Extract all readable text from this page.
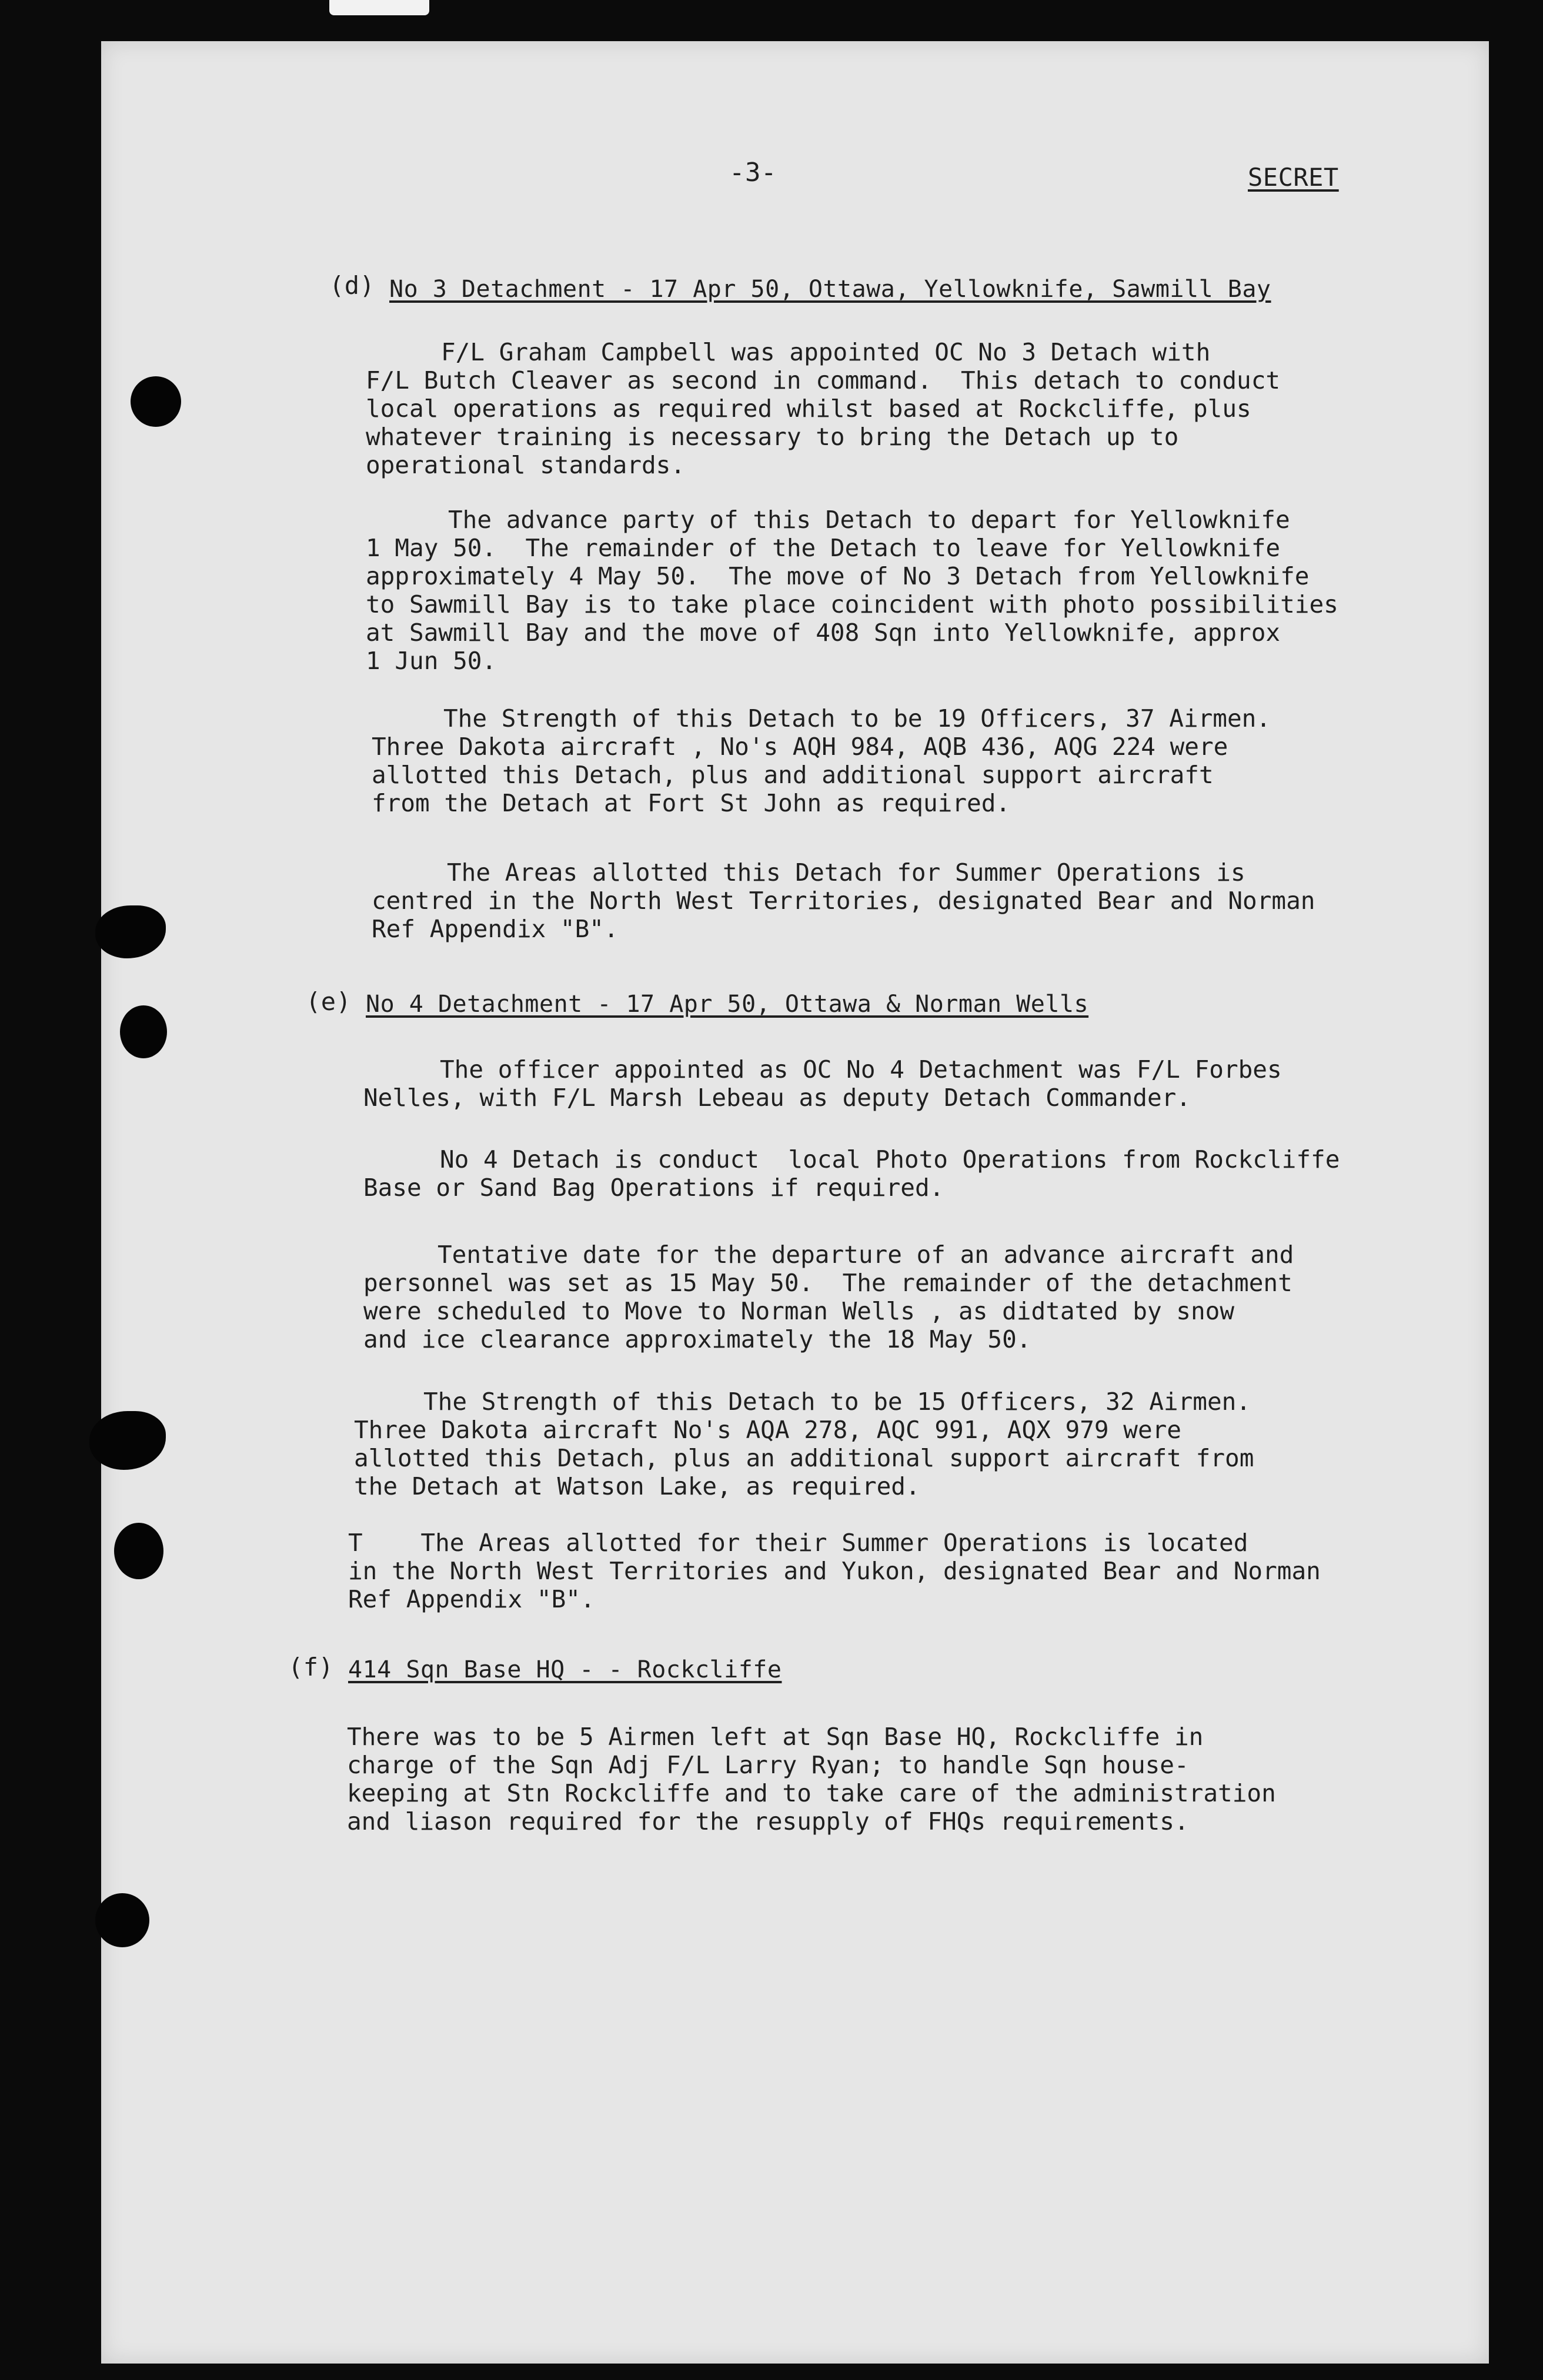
-3-	SECRET

(d) No 3 Detachment - 17 Apr 50, Ottawa, Yellowknife, Sawmill Bay

F/L Graham Campbell was appointed OC No 3 Detach with
F/L Butch Cleaver as second in command.  This detach to conduct
local operations as required whilst based at Rockcliffe, plus
whatever training is necessary to bring the Detach up to
operational standards.

The advance party of this Detach to depart for Yellowknife
1 May 50.  The remainder of the Detach to leave for Yellowknife
approximately 4 May 50.  The move of No 3 Detach from Yellowknife
to Sawmill Bay is to take place coincident with photo possibilities
at Sawmill Bay and the move of 408 Sqn into Yellowknife, approx
1 Jun 50.

The Strength of this Detach to be 19 Officers, 37 Airmen.
Three Dakota aircraft , No's AQH 984, AQB 436, AQG 224 were
allotted this Detach, plus and additional support aircraft
from the Detach at Fort St John as required.

The Areas allotted this Detach for Summer Operations is
centred in the North West Territories, designated Bear and Norman
Ref Appendix "B".

(e) No 4 Detachment - 17 Apr 50, Ottawa & Norman Wells

The officer appointed as OC No 4 Detachment was F/L Forbes
Nelles, with F/L Marsh Lebeau as deputy Detach Commander.

No 4 Detach is conduct  local Photo Operations from Rockcliffe
Base or Sand Bag Operations if required.

Tentative date for the departure of an advance aircraft and
personnel was set as 15 May 50.  The remainder of the detachment
were scheduled to Move to Norman Wells , as didtated by snow
and ice clearance approximately the 18 May 50.

The Strength of this Detach to be 15 Officers, 32 Airmen.
Three Dakota aircraft No's AQA 278, AQC 991, AQX 979 were
allotted this Detach, plus an additional support aircraft from
the Detach at Watson Lake, as required.

T    The Areas allotted for their Summer Operations is located
in the North West Territories and Yukon, designated Bear and Norman
Ref Appendix "B".

(f) 414 Sqn Base HQ - - Rockcliffe

There was to be 5 Airmen left at Sqn Base HQ, Rockcliffe in
charge of the Sqn Adj F/L Larry Ryan; to handle Sqn house-
keeping at Stn Rockcliffe and to take care of the administration
and liason required for the resupply of FHQs requirements.
